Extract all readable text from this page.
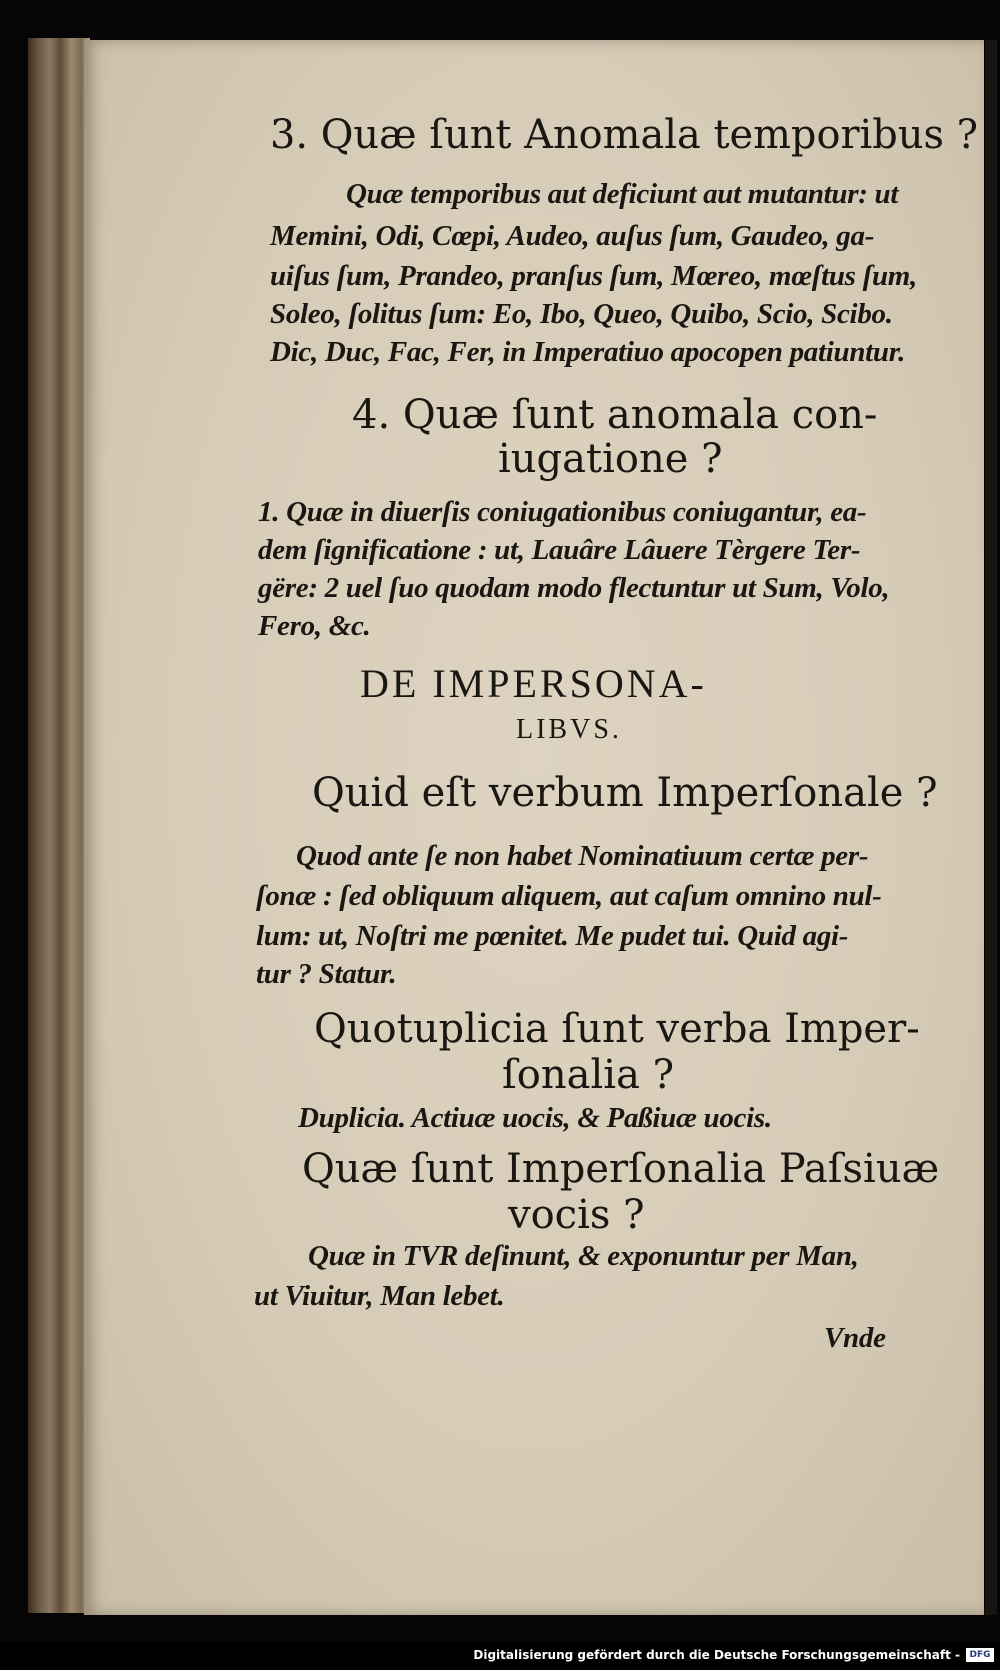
3. Quæ ſunt Anomala temporibus ?

Quæ temporibus aut deficiunt aut mutantur: ut

Memini, Odi, Cœpi, Audeo, auſus ſum, Gaudeo, ga-

uiſus ſum, Prandeo, pranſus ſum, Mœreo, mœſtus ſum,

Soleo, ſolitus ſum: Eo, Ibo, Queo, Quibo, Scio, Scibo.

Dic, Duc, Fac, Fer, in Imperatiuo apocopen patiuntur.

4. Quæ ſunt anomala con-

iugatione ?

1. Quæ in diuerſis coniugationibus coniugantur, ea-

dem ſignificatione : ut, Lauâre Lâuere Tèrgere Ter-

gëre: 2 uel ſuo quodam modo flectuntur ut Sum, Volo,

Fero, &c.

DE IMPERSONA-

LIBVS.

Quid eſt verbum Imperſonale ?

Quod ante ſe non habet Nominatiuum certæ per-

ſonæ : ſed obliquum aliquem, aut caſum omnino nul-

lum: ut, Noſtri me pœnitet. Me pudet tui. Quid agi-

tur ? Statur.

Quotuplicia ſunt verba Imper-

ſonalia ?

Duplicia. Actiuæ uocis, & Paßiuæ uocis.

Quæ ſunt Imperſonalia Paſsiuæ

vocis ?

Quæ in TVR deſinunt, & exponuntur per Man,

ut Viuitur, Man lebet.

Vnde

Digitalisierung gefördert durch die Deutsche Forschungsgemeinschaft -	DFG
